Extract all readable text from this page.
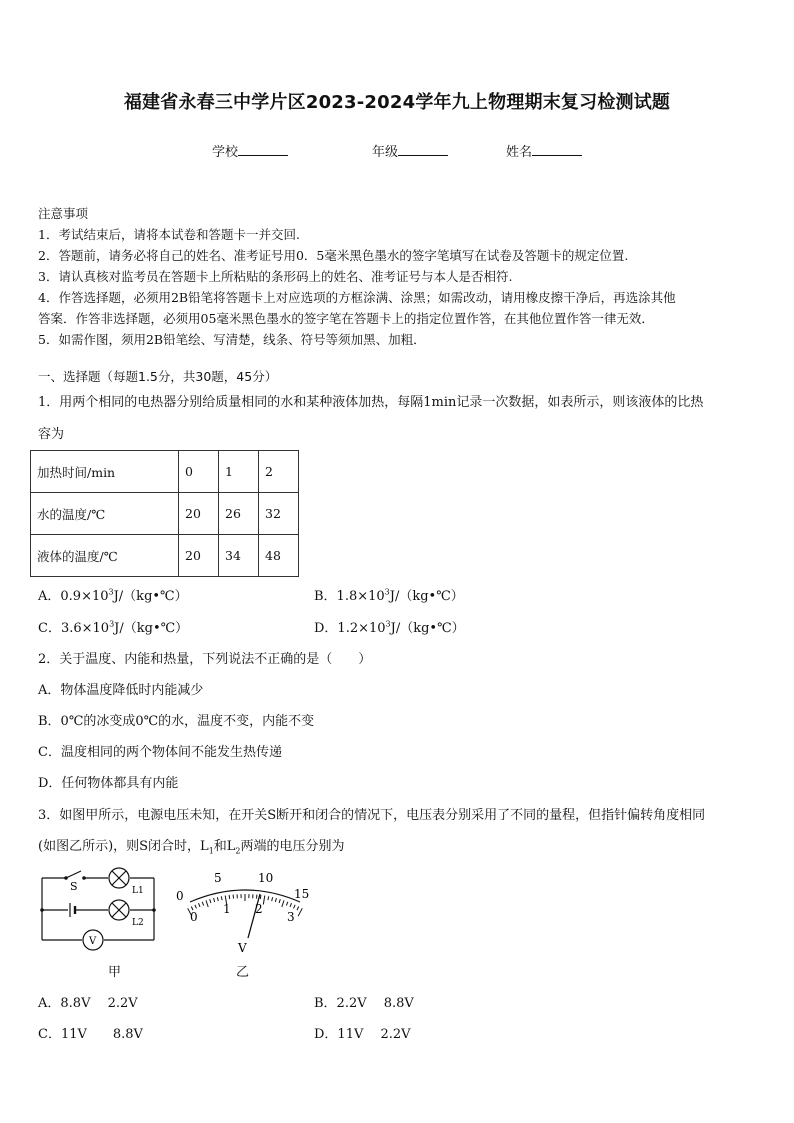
福建省永春三中学片区2023-2024学年九上物理期末复习检测试题
学校	年级	姓名
注意事项
1．考试结束后，请将本试卷和答题卡一并交回.
2．答题前，请务必将自己的姓名、准考证号用0．5毫米黑色墨水的签字笔填写在试卷及答题卡的规定位置.
3．请认真核对监考员在答题卡上所粘贴的条形码上的姓名、准考证号与本人是否相符.
4．作答选择题，必须用2B铅笔将答题卡上对应选项的方框涂满、涂黑；如需改动，请用橡皮擦干净后，再选涂其他
答案．作答非选择题，必须用05毫米黑色墨水的签字笔在答题卡上的指定位置作答，在其他位置作答一律无效．
5．如需作图，须用2B铅笔绘、写清楚，线条、符号等须加黑、加粗．
一、选择题（每题1.5分，共30题，45分）
1．用两个相同的电热器分别给质量相同的水和某种液体加热，每隔1min记录一次数据，如表所示，则该液体的比热
容为
加热时间/min	0	1	2
水的温度/℃	20	26	32
液体的温度/℃	20	34	48
A．$0.9\times 10^3J/(kg•℃)$	B．$1.8\times 10^3J/(kg•℃)$
C．$3.6\times 10^3J/(kg•℃)$	D．$1.2\times 10^3J/(kg•℃)$
2．关于温度、内能和热量，下列说法不正确的是（　　）
A．物体温度降低时内能减少
B．0℃的冰变成0℃的水，温度不变，内能不变
C．温度相同的两个物体间不能发生热传递
D．任何物体都具有内能
3．如图甲所示，电源电压未知，在开关S断开和闭合的情况下，电压表分别采用了不同的量程，但指针偏转角度相同
(如图乙所示)，则S闭合时，$L_1$和$L_2$两端的电压分别为
S	L1
L2
V
甲
0
5	10
15
0
1 2
3
V
乙
A．8.8V　 2.2V	B．2.2V　 8.8V
C．11V　　8.8V	D．11V　 2.2V
